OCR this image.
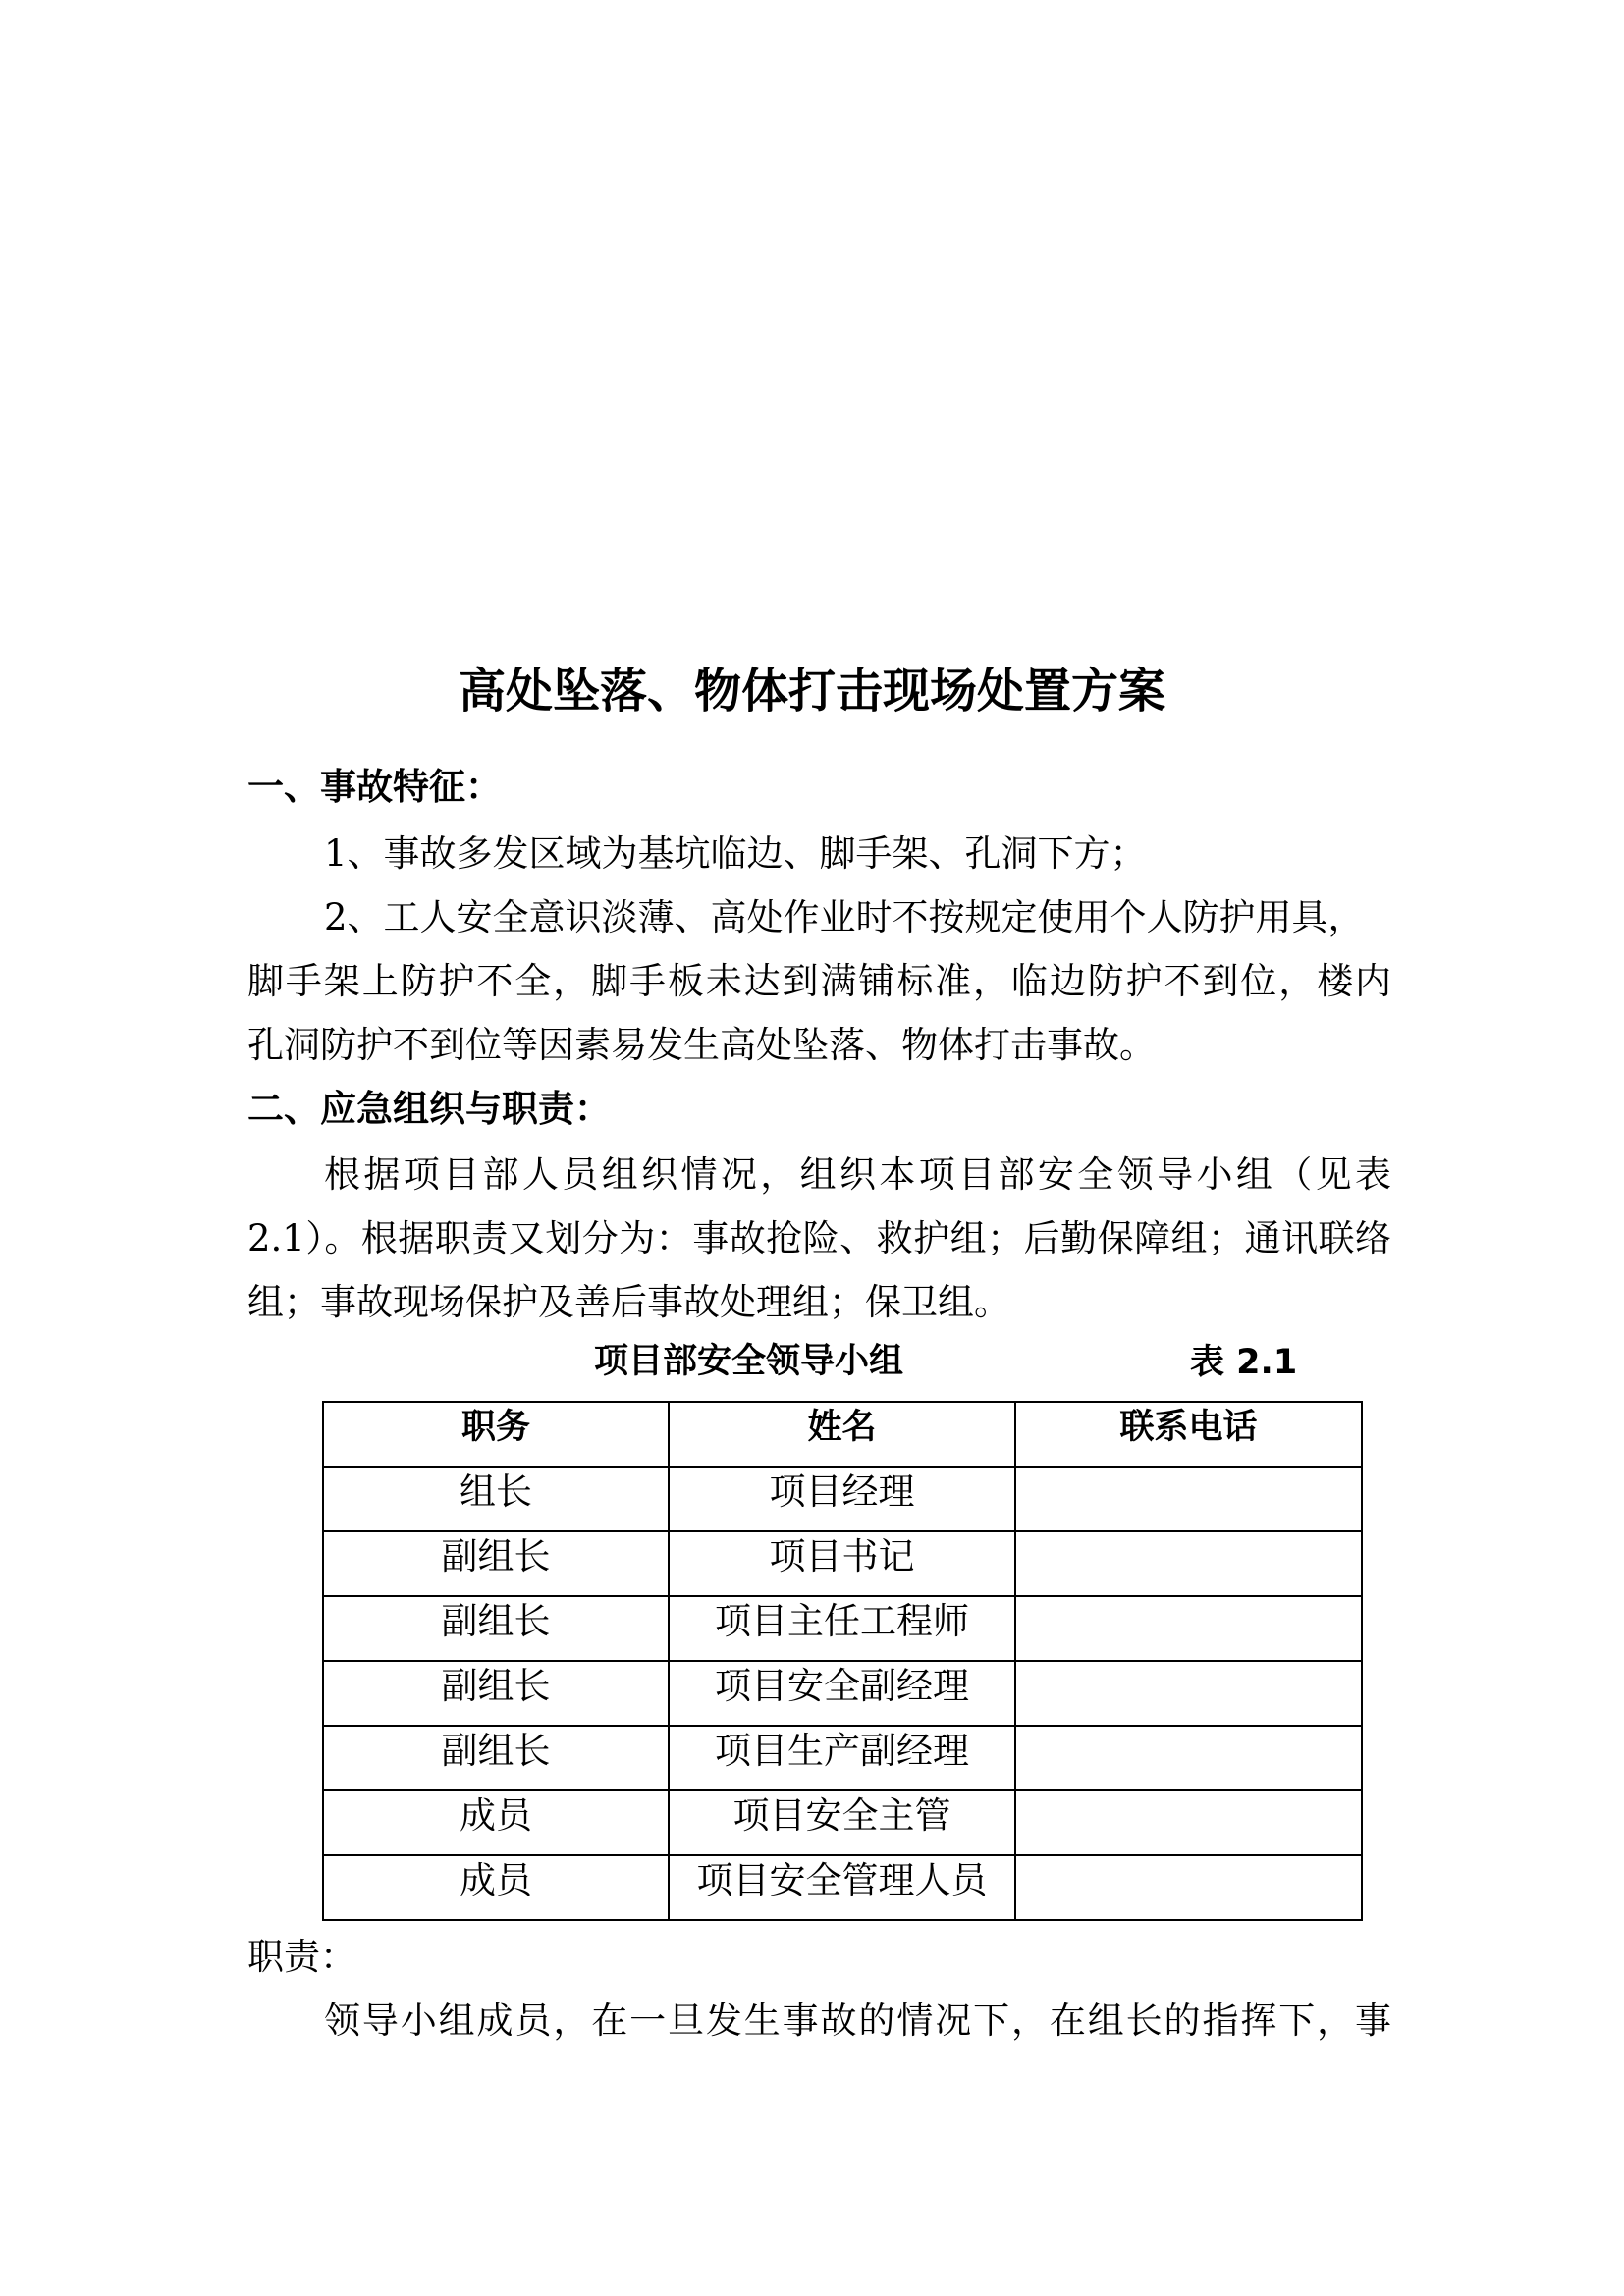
高处坠落、物体打击现场处置方案
一、事故特征：
1、事故多发区域为基坑临边、脚手架、孔洞下方；
2、工人安全意识淡薄、高处作业时不按规定使用个人防护用具，
脚手架上防护不全，脚手板未达到满铺标准，临边防护不到位，楼内
孔洞防护不到位等因素易发生高处坠落、物体打击事故。
二、应急组织与职责：
根据项目部人员组织情况，组织本项目部安全领导小组（见表
2.1）。根据职责又划分为：事故抢险、救护组；后勤保障组；通讯联络
组；事故现场保护及善后事故处理组；保卫组。
项目部安全领导小组	表 2.1
职务	姓名	联系电话
组长	项目经理	
副组长	项目书记	
副组长	项目主任工程师	
副组长	项目安全副经理	
副组长	项目生产副经理	
成员	项目安全主管	
成员	项目安全管理人员	
职责：
领导小组成员，在一旦发生事故的情况下，在组长的指挥下，事
